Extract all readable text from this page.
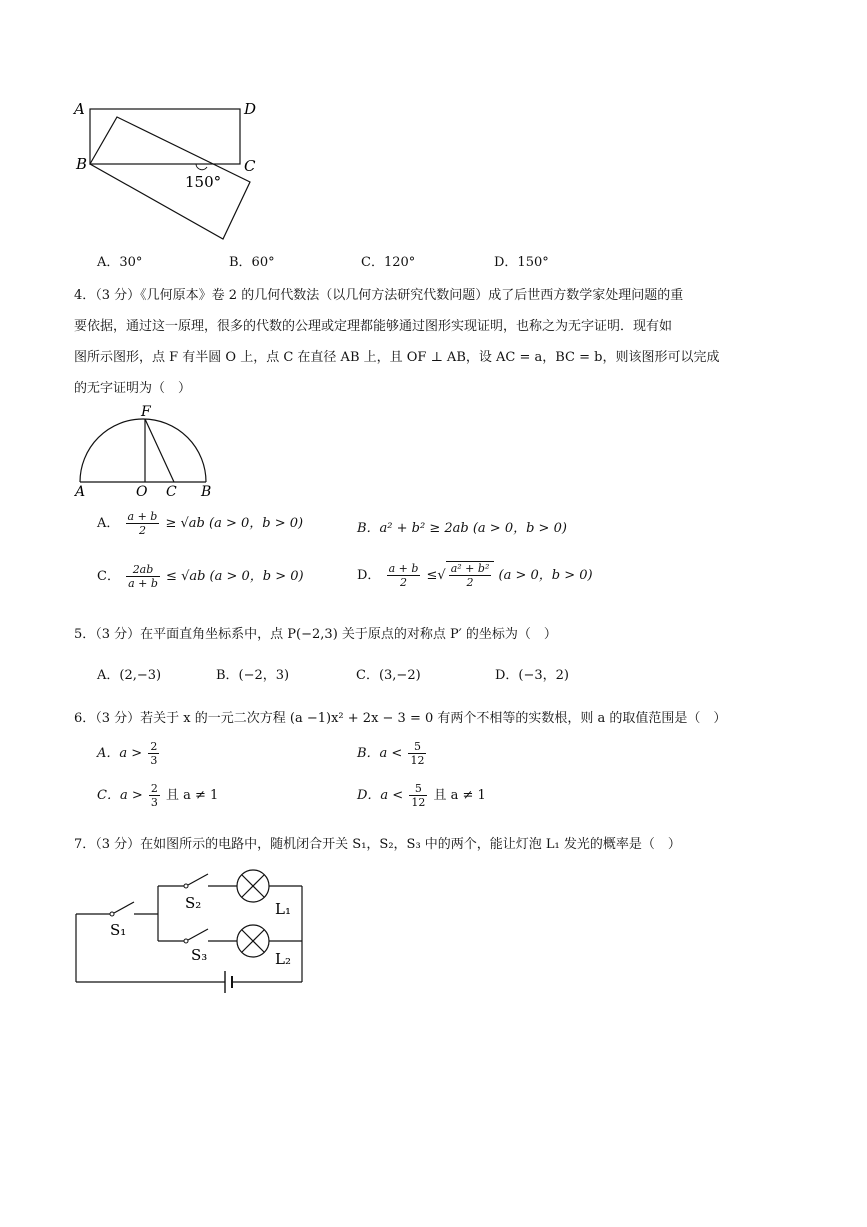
A	D
B	C
150°
A．30°	B．60°	C．120°	D．150°
4．（3 分）《几何原本》卷 2 的几何代数法（以几何方法研究代数问题）成了后世西方数学家处理问题的重
要依据，通过这一原理，很多的代数的公理或定理都能够通过图形实现证明，也称之为无字证明．现有如
图所示图形，点 F 有半圆 O 上，点 C 在直径 AB 上，且 OF ⊥ AB，设 AC = a，BC = b，则该图形可以完成
的无字证明为（　）
F
A	O C B
A． $\frac{a + b}{2} \ge √ab$ (a > 0，b > 0)	B．a² + b² ≥ 2ab (a > 0，b > 0)
C． $\frac{2ab}{a + b} \le √ab$ (a > 0，b > 0)	D． $\frac{a + b}{2}$ ≤√ $\frac{\text{a² + b²}}{2} (a > 0$，b > 0)
5．（3 分）在平面直角坐标系中，点 P(−2,3) 关于原点的对称点 P′ 的坐标为（　）
A．(2,−3)	B．(−2，3)	C．(3,−2)	D．(−3，2)
6．（3 分）若关于 x 的一元二次方程 (a −1)x² + 2x − 3 = 0 有两个不相等的实数根，则 a 的取值范围是（　）
A．$a > \frac{2}{3}$	B．$a < \frac{5}{12}$
C．$a > \frac{2}{3}$ 且 a ≠ 1	D．$a < \frac{5}{12}$ 且 a ≠ 1
7．（3 分）在如图所示的电路中，随机闭合开关 S₁，S₂，S₃ 中的两个，能让灯泡 L₁ 发光的概率是（　）
S₁
S₂
S₃
L₁
L₂
